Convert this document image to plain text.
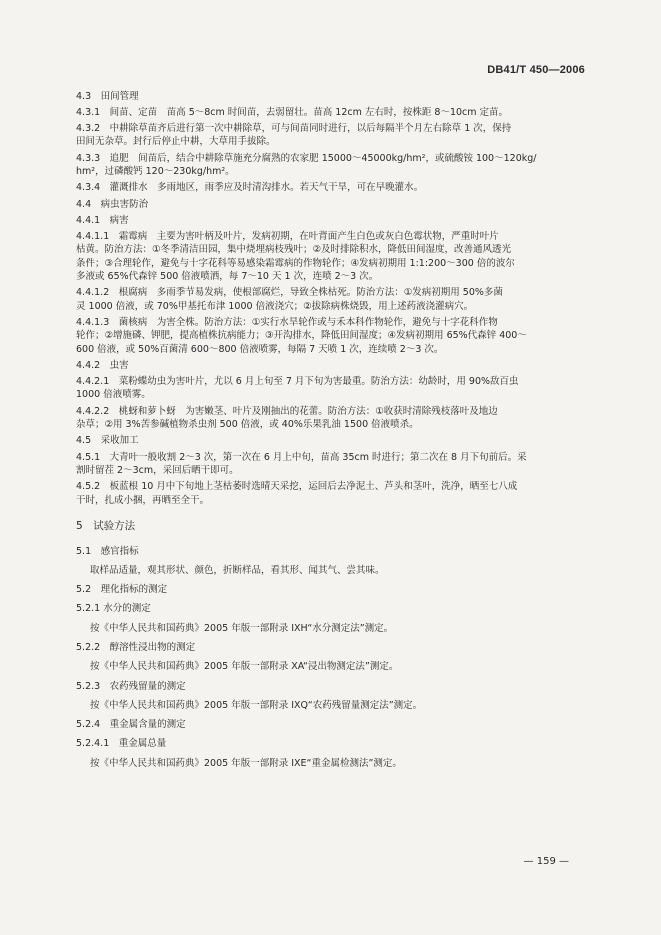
DB41/T 450—2006

4.3　田间管理

4.3.1　间苗、定苗　苗高 5～8cm 时间苗，去弱留壮。苗高 12cm 左右时，按株距 8～10cm 定苗。

4.3.2　中耕除草苗齐后进行第一次中耕除草，可与间苗同时进行，以后每隔半个月左右除草 1 次，保持

田间无杂草。封行后停止中耕，大草用手拔除。

4.3.3　追肥　间苗后，结合中耕除草施充分腐熟的农家肥 15000～45000kg/hm²，或硫酸铵 100～120kg/

hm²，过磷酸钙 120～230kg/hm²。

4.3.4　灌溉排水　多雨地区，雨季应及时清沟排水。若天气干旱，可在早晚灌水。

4.4　病虫害防治

4.4.1　病害

4.4.1.1　霜霉病　主要为害叶柄及叶片，发病初期，在叶背面产生白色或灰白色霉状物，严重时叶片

枯黄。防治方法：①冬季清洁田园，集中烧埋病枝残叶；②及时排除积水，降低田间湿度，改善通风透光

条件；③合理轮作，避免与十字花科等易感染霜霉病的作物轮作；④发病初期用 1:1:200～300 倍的波尔

多液或 65%代森锌 500 倍液喷洒，每 7～10 天 1 次，连喷 2～3 次。

4.4.1.2　根腐病　多雨季节易发病，使根部腐烂，导致全株枯死。防治方法：①发病初期用 50%多菌

灵 1000 倍液，或 70%甲基托布津 1000 倍液浇穴；②拔除病株烧毁，用上述药液浇灌病穴。

4.4.1.3　菌核病　为害全株。防治方法：①实行水旱轮作或与禾本科作物轮作，避免与十字花科作物

轮作；②增施磷、钾肥，提高植株抗病能力；③开沟排水，降低田间湿度；④发病初期用 65%代森锌 400～

600 倍液，或 50%百菌清 600～800 倍液喷雾，每隔 7 天喷 1 次，连续喷 2～3 次。

4.4.2　虫害

4.4.2.1　菜粉蝶幼虫为害叶片，尤以 6 月上旬至 7 月下旬为害最重。防治方法：幼龄时，用 90%敌百虫

1000 倍液喷雾。

4.4.2.2　桃蚜和萝卜蚜　为害嫩茎、叶片及刚抽出的花蕾。防治方法：①收获时清除残枝落叶及地边

杂草；②用 3%苦参碱植物杀虫剂 500 倍液，或 40%乐果乳油 1500 倍液喷杀。

4.5　采收加工

4.5.1　大青叶一般收割 2～3 次，第一次在 6 月上中旬，苗高 35cm 时进行；第二次在 8 月下旬前后。采

割时留茬 2～3cm，采回后晒干即可。

4.5.2　板蓝根 10 月中下旬地上茎枯萎时选晴天采挖，运回后去净泥土、芦头和茎叶，洗净，晒至七八成

干时，扎成小捆，再晒至全干。

5　试验方法

5.1　感官指标

取样品适量，观其形状、颜色，折断样品，看其形、闻其气、尝其味。

5.2　理化指标的测定

5.2.1 水分的测定

按《中华人民共和国药典》2005 年版一部附录 IXH“水分测定法”测定。

5.2.2　醇溶性浸出物的测定

按《中华人民共和国药典》2005 年版一部附录 XA“浸出物测定法”测定。

5.2.3　农药残留量的测定

按《中华人民共和国药典》2005 年版一部附录 IXQ“农药残留量测定法”测定。

5.2.4　重金属含量的测定

5.2.4.1　重金属总量

按《中华人民共和国药典》2005 年版一部附录 IXE“重金属检测法”测定。

— 159 —
